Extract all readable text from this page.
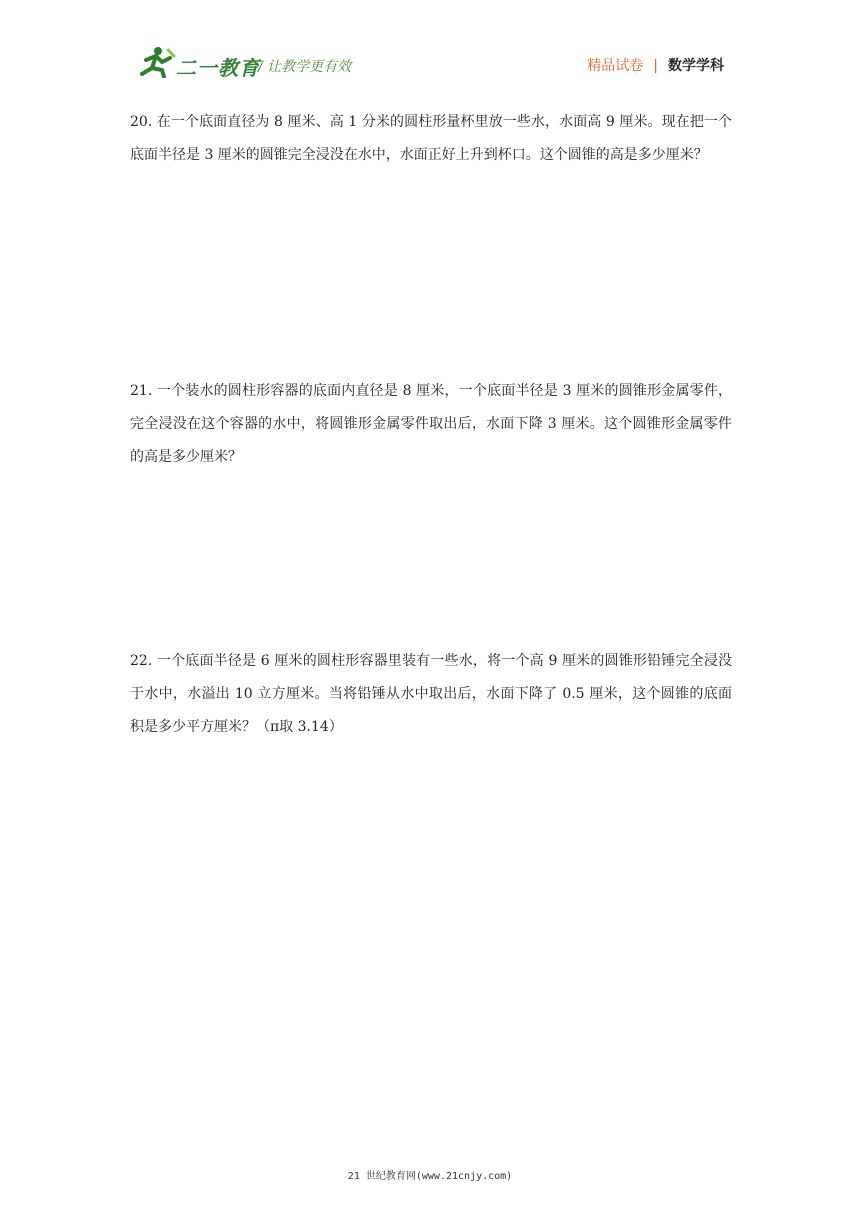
二一教育
/ 让教学更有效	精品试卷 | 数学学科
20. 在一个底面直径为 8 厘米、高 1 分米的圆柱形量杯里放一些水，水面高 9 厘米。现在把一个底面半径是 3 厘米的圆锥完全浸没在水中，水面正好上升到杯口。这个圆锥的高是多少厘米？
21. 一个装水的圆柱形容器的底面内直径是 8 厘米，一个底面半径是 3 厘米的圆锥形金属零件，完全浸没在这个容器的水中，将圆锥形金属零件取出后，水面下降 3 厘米。这个圆锥形金属零件的高是多少厘米？
22. 一个底面半径是 6 厘米的圆柱形容器里装有一些水，将一个高 9 厘米的圆锥形铅锤完全浸没于水中，水溢出 10 立方厘米。当将铅锤从水中取出后，水面下降了 0.5 厘米，这个圆锥的底面积是多少平方厘米？（π取 3.14）
21 世纪教育网(www.21cnjy.com)
